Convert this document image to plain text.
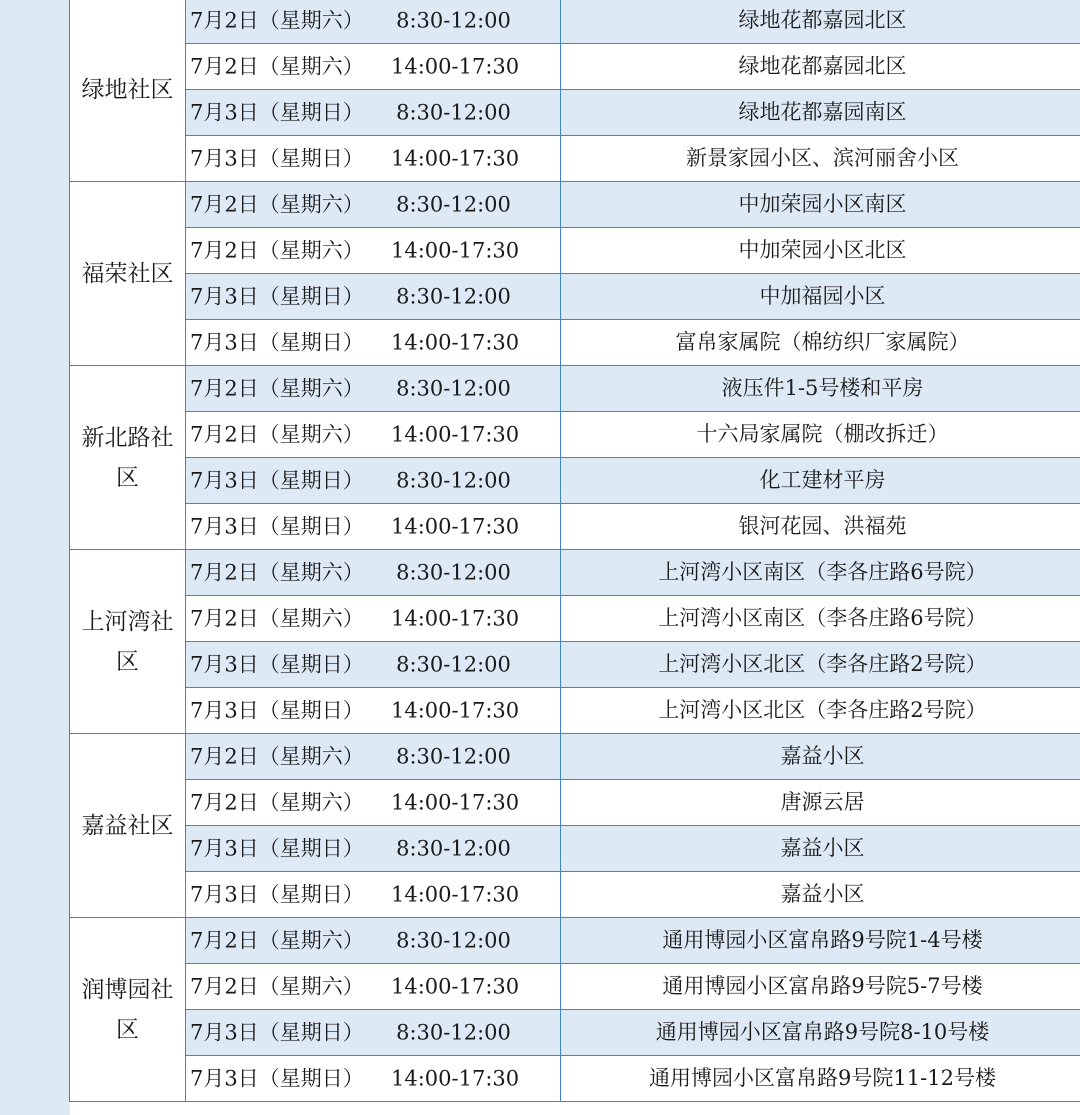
绿地社区	7月2日（星期六） 8:30-12:00	绿地花都嘉园北区

	7月2日（星期六） 14:00-17:30	绿地花都嘉园北区

	7月3日（星期日） 8:30-12:00	绿地花都嘉园南区

	7月3日（星期日） 14:00-17:30	新景家园小区、滨河丽舍小区
福荣社区	7月2日（星期六） 8:30-12:00	中加荣园小区南区

	7月2日（星期六） 14:00-17:30	中加荣园小区北区

	7月3日（星期日） 8:30-12:00	中加福园小区

	7月3日（星期日） 14:00-17:30	富帛家属院（棉纺织厂家属院）
新北路社区	7月2日（星期六） 8:30-12:00	液压件1-5号楼和平房

	7月2日（星期六） 14:00-17:30	十六局家属院（棚改拆迁）

	7月3日（星期日） 8:30-12:00	化工建材平房

	7月3日（星期日） 14:00-17:30	银河花园、洪福苑
上河湾社区	7月2日（星期六） 8:30-12:00	上河湾小区南区（李各庄路6号院）

	7月2日（星期六） 14:00-17:30	上河湾小区南区（李各庄路6号院）

	7月3日（星期日） 8:30-12:00	上河湾小区北区（李各庄路2号院）

	7月3日（星期日） 14:00-17:30	上河湾小区北区（李各庄路2号院）
嘉益社区	7月2日（星期六） 8:30-12:00	嘉益小区

	7月2日（星期六） 14:00-17:30	唐源云居

	7月3日（星期日） 8:30-12:00	嘉益小区

	7月3日（星期日） 14:00-17:30	嘉益小区
润博园社区	7月2日（星期六） 8:30-12:00	通用博园小区富帛路9号院1-4号楼

	7月2日（星期六） 14:00-17:30	通用博园小区富帛路9号院5-7号楼

	7月3日（星期日） 8:30-12:00	通用博园小区富帛路9号院8-10号楼

	7月3日（星期日） 14:00-17:30	通用博园小区富帛路9号院11-12号楼
